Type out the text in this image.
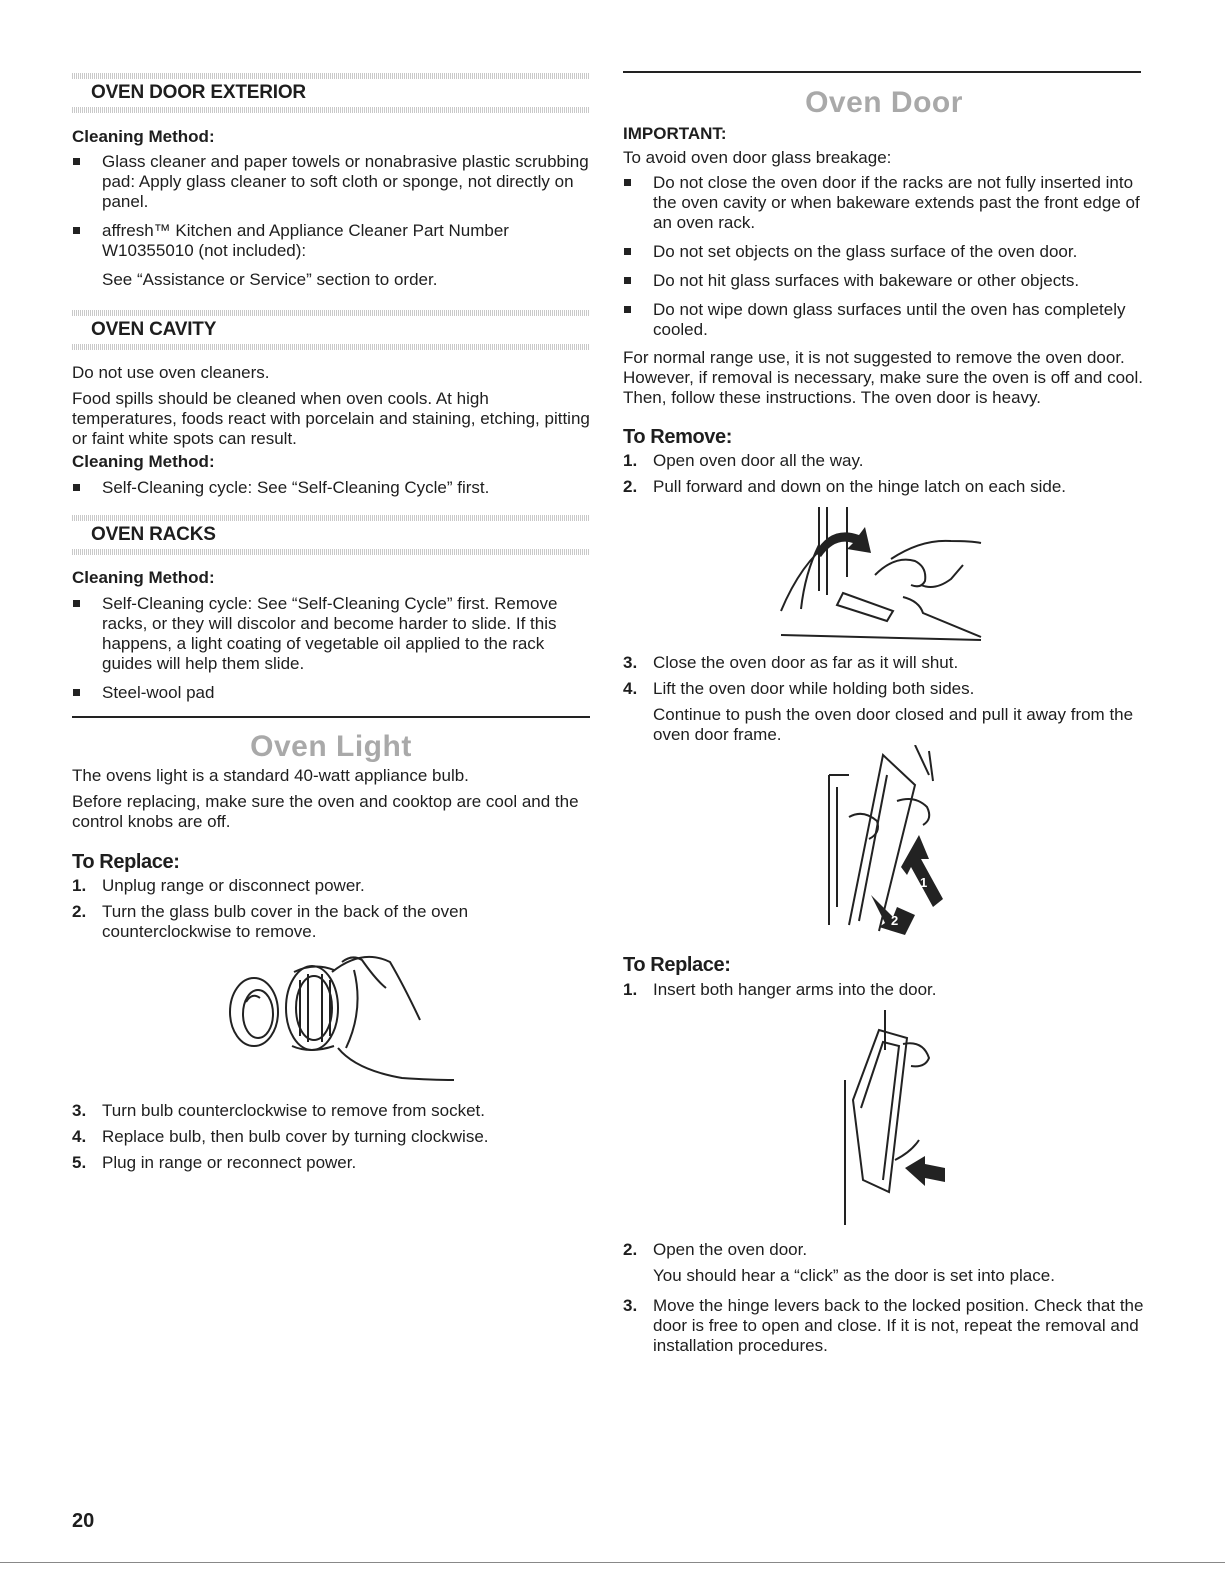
OVEN DOOR EXTERIOR
Cleaning Method:
Glass cleaner and paper towels or nonabrasive plastic scrubbing pad: Apply glass cleaner to soft cloth or sponge, not directly on panel.
affresh™ Kitchen and Appliance Cleaner Part Number W10355010 (not included):
See “Assistance or Service” section to order.
OVEN CAVITY

Do not use oven cleaners.

Food spills should be cleaned when oven cools. At high temperatures, foods react with porcelain and staining, etching, pitting or faint white spots can result.

Cleaning Method:
Self-Cleaning cycle: See “Self-Cleaning Cycle” first.
OVEN RACKS
Cleaning Method:
Self-Cleaning cycle: See “Self-Cleaning Cycle” first. Remove racks, or they will discolor and become harder to slide. If this happens, a light coating of vegetable oil applied to the rack guides will help them slide.
Steel-wool pad
Oven Light

The ovens light is a standard 40-watt appliance bulb.

Before replacing, make sure the oven and cooktop are cool and the control knobs are off.

To Replace:
1. Unplug range or disconnect power.
2. Turn the glass bulb cover in the back of the oven counterclockwise to remove.
3. Turn bulb counterclockwise to remove from socket.
4. Replace bulb, then bulb cover by turning clockwise.
5. Plug in range or reconnect power.
Oven Door
IMPORTANT:

To avoid oven door glass breakage:

Do not close the oven door if the racks are not fully inserted into the oven cavity or when bakeware extends past the front edge of an oven rack.
Do not set objects on the glass surface of the oven door.
Do not hit glass surfaces with bakeware or other objects.
Do not wipe down glass surfaces until the oven has completely cooled.

For normal range use, it is not suggested to remove the oven door. However, if removal is necessary, make sure the oven is off and cool. Then, follow these instructions. The oven door is heavy.

To Remove:
1. Open oven door all the way.
2. Pull forward and down on the hinge latch on each side.
3. Close the oven door as far as it will shut.
4. Lift the oven door while holding both sides.
Continue to push the oven door closed and pull it away from the oven door frame.
1
2
To Replace:
1. Insert both hanger arms into the door.
2. Open the oven door.
You should hear a “click” as the door is set into place.
3. Move the hinge levers back to the locked position. Check that the door is free to open and close. If it is not, repeat the removal and installation procedures.
20
